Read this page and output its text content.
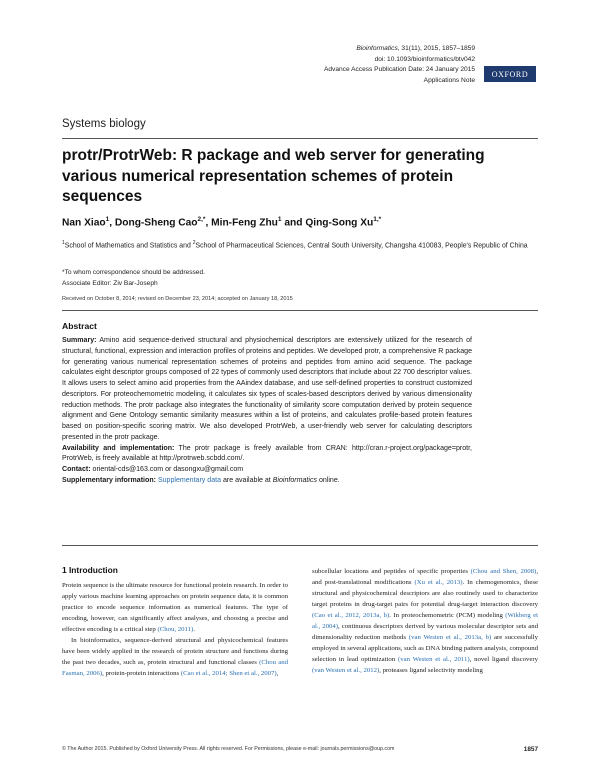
Bioinformatics, 31(11), 2015, 1857–1859
doi: 10.1093/bioinformatics/btv042
Advance Access Publication Date: 24 January 2015
Applications Note
OXFORD
Systems biology
protr/ProtrWeb: R package and web server for generating various numerical representation schemes of protein sequences
Nan Xiao$^1$, Dong-Sheng Cao$^{2,*}$, Min-Feng Zhu$^1$ and Qing-Song $Xu^{1,*}$
$^1$School of Mathematics and Statistics and $^2$School of Pharmaceutical Sciences, Central South University, Changsha 410083, People's Republic of China
*To whom correspondence should be addressed.
Associate Editor: Ziv Bar-Joseph
Received on October 8, 2014; revised on December 23, 2014; accepted on January 18, 2015
Abstract

Summary: Amino acid sequence-derived structural and physiochemical descriptors are extensively utilized for the research of structural, functional, expression and interaction profiles of proteins and peptides. We developed protr, a comprehensive R package for generating various numerical representation schemes of proteins and peptides from amino acid sequence. The package calculates eight descriptor groups composed of 22 types of commonly used descriptors that include about 22 700 descriptor values. It allows users to select amino acid properties from the AAindex database, and use self-defined properties to construct customized descriptors. For proteochemometric modeling, it calculates six types of scales-based descriptors derived by various dimensionality reduction methods. The protr package also integrates the functionality of similarity score computation derived by protein sequence alignment and Gene Ontology semantic similarity measures within a list of proteins, and calculates profile-based protein features based on position-specific scoring matrix. We also developed ProtrWeb, a user-friendly web server for calculating descriptors presented in the protr package.

Availability and implementation: The protr package is freely available from CRAN: http://cran.r-project.org/package=protr, ProtrWeb, is freely available at http://protrweb.scbdd.com/.

Contact: oriental-cds@163.com or dasongxu@gmail.com

Supplementary information: Supplementary data are available at Bioinformatics online.

1 Introduction

Protein sequence is the ultimate resource for functional protein research. In order to apply various machine learning approaches on protein sequence data, it is common practice to encode sequence information as numerical features. The type of encoding, however, can significantly affect analyses, and choosing a precise and effective encoding is a critical step (Chou, 2011).

In bioinformatics, sequence-derived structural and physicochemical features have been widely applied in the research of protein structure and functions during the past two decades, such as, protein structural and functional classes (Chou and Fasman, 2006), protein-protein interactions (Cao et al., 2014; Shen et al., 2007),

subcellular locations and peptides of specific properties (Chou and Shen, 2008), and post-translational modifications (Xu et al., 2013). In chemogenomics, these structural and physicochemical descriptors are also routinely used to characterize target proteins in drug-target pairs for potential drug-target interaction discovery (Cao et al., 2012, 2013a, b). In proteochemometric (PCM) modeling (Wikberg et al., 2004), continuous descriptors derived by various molecular descriptor sets and dimensionality reduction methods (van Westen et al., 2013a, b) are successfully employed in several applications, such as DNA binding pattern analysis, compound selection in lead optimization (van Westen et al., 2011), novel ligand discovery (van Westen et al., 2012), proteases ligand selectivity modeling

© The Author 2015. Published by Oxford University Press. All rights reserved. For Permissions, please e-mail: journals.permissions@oup.com	1857
